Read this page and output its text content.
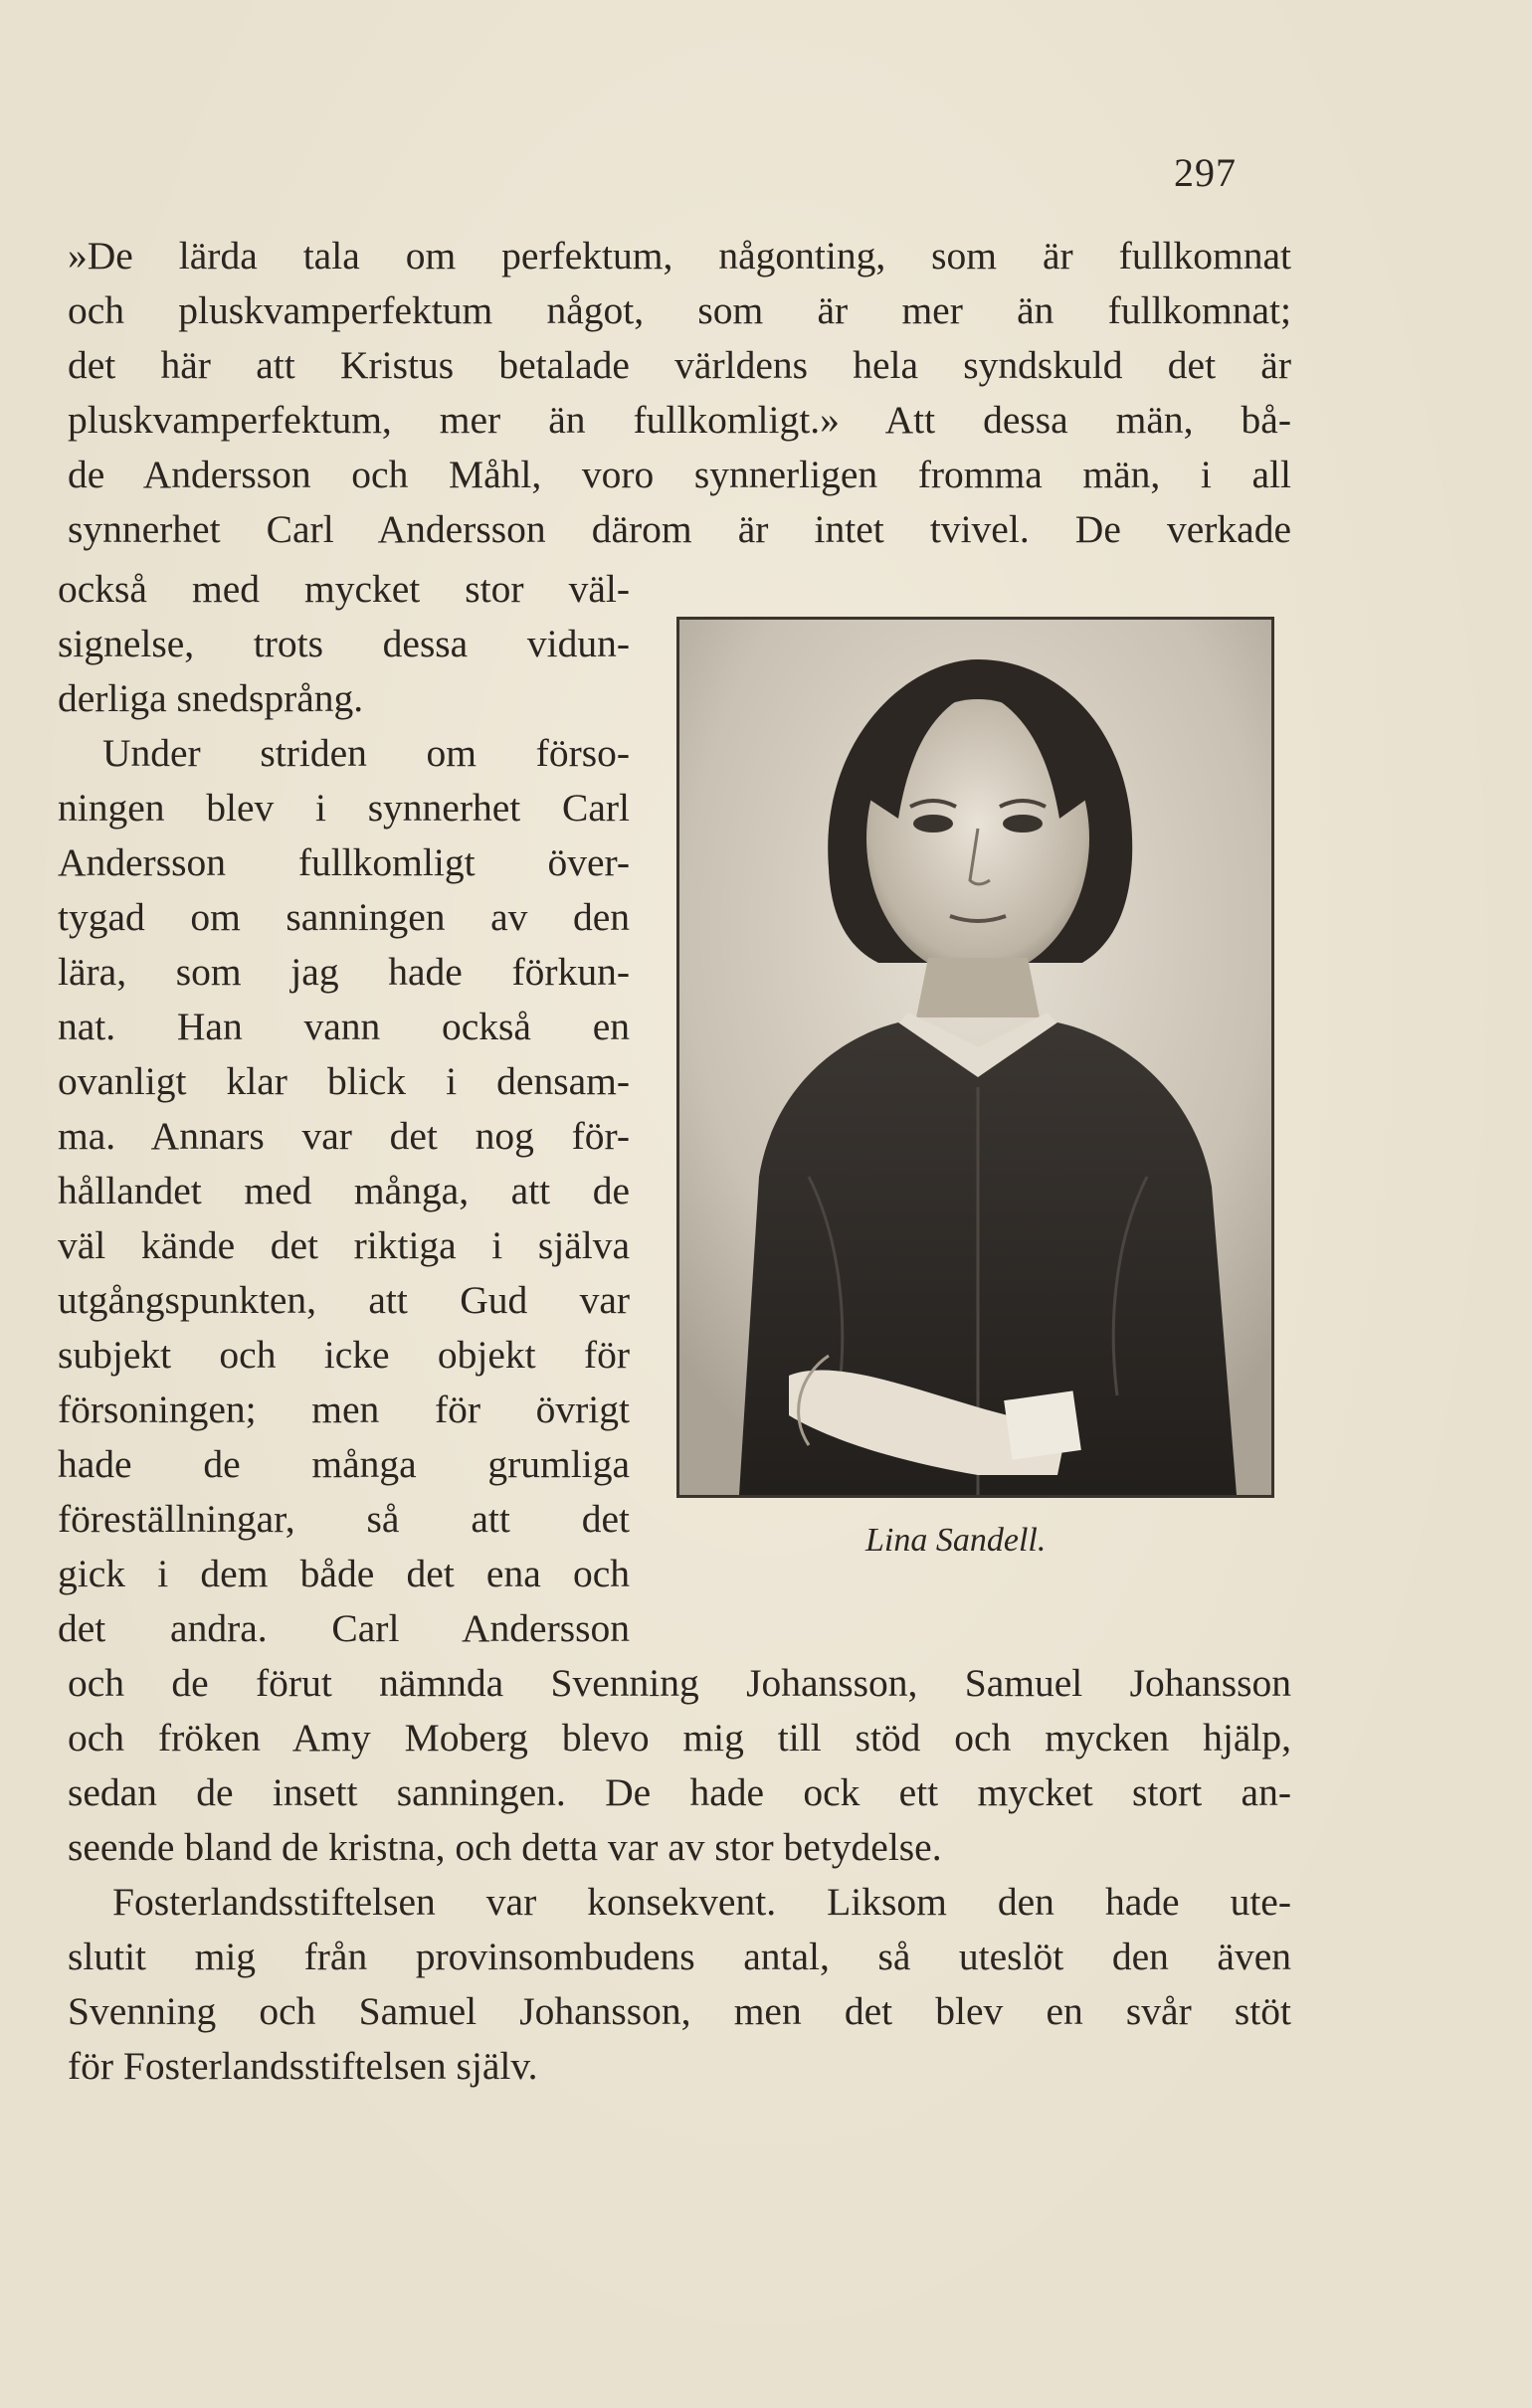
297
»De lärda tala om perfektum, någonting, som är fullkomnat
och pluskvamperfektum något, som är mer än fullkomnat;
det här att Kristus betalade världens hela syndskuld det är
pluskvamperfektum, mer än fullkomligt.» Att dessa män, bå-
de Andersson och Måhl, voro synnerligen fromma män, i all
synnerhet Carl Andersson därom är intet tvivel. De verkade
också med mycket stor väl-
signelse, trots dessa vidun-
derliga snedsprång.
Under striden om förso-
ningen blev i synnerhet Carl
Andersson fullkomligt över-
tygad om sanningen av den
lära, som jag hade förkun-
nat. Han vann också en
ovanligt klar blick i densam-
ma. Annars var det nog för-
hållandet med många, att de
väl kände det riktiga i själva
utgångspunkten, att Gud var
subjekt och icke objekt för
försoningen; men för övrigt
hade de många grumliga
föreställningar, så att det
gick i dem både det ena och
det andra. Carl Andersson
Lina Sandell.
och de förut nämnda Svenning Johansson, Samuel Johansson
och fröken Amy Moberg blevo mig till stöd och mycken hjälp,
sedan de insett sanningen. De hade ock ett mycket stort an-
seende bland de kristna, och detta var av stor betydelse.
Fosterlandsstiftelsen var konsekvent. Liksom den hade ute-
slutit mig från provinsombudens antal, så uteslöt den även
Svenning och Samuel Johansson, men det blev en svår stöt
för Fosterlandsstiftelsen själv.
